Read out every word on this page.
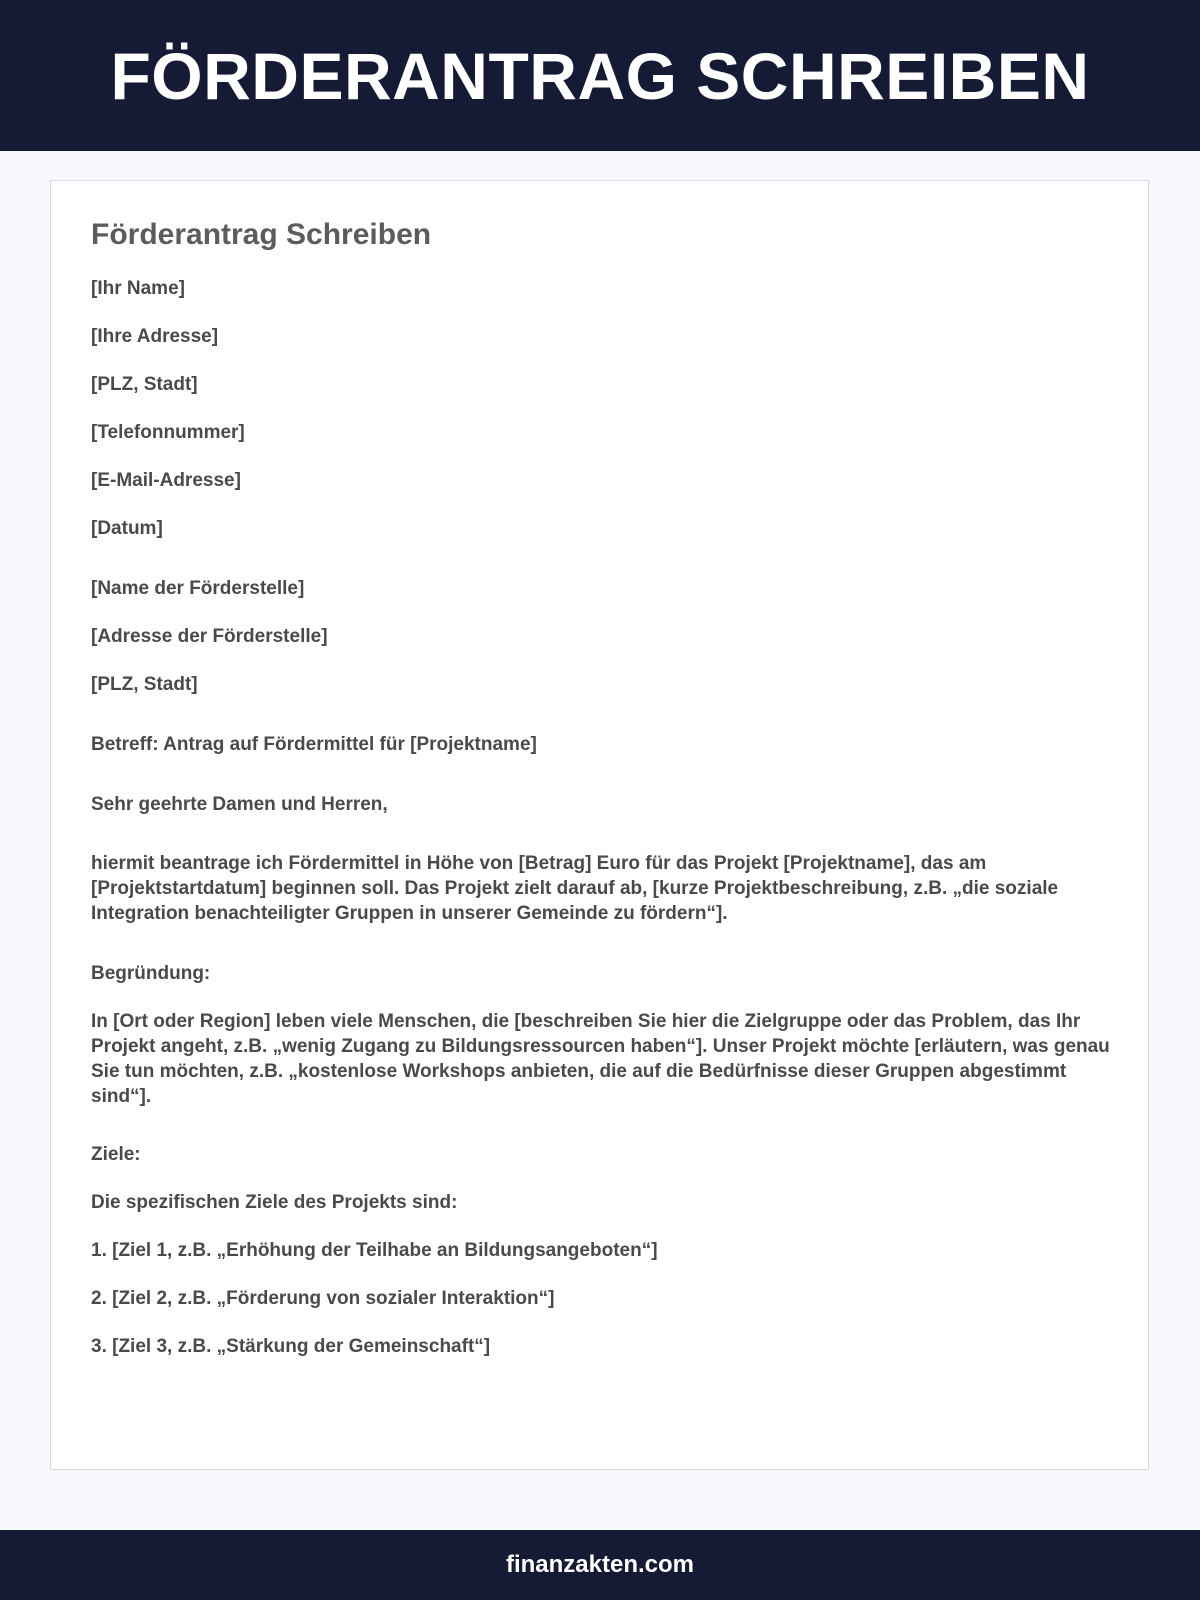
FÖRDERANTRAG SCHREIBEN
Förderantrag Schreiben
[Ihr Name]
[Ihre Adresse]
[PLZ, Stadt]
[Telefonnummer]
[E-Mail-Adresse]
[Datum]
[Name der Förderstelle]
[Adresse der Förderstelle]
[PLZ, Stadt]
Betreff: Antrag auf Fördermittel für [Projektname]
Sehr geehrte Damen und Herren,
hiermit beantrage ich Fördermittel in Höhe von [Betrag] Euro für das Projekt [Projektname], das am [Projektstartdatum] beginnen soll. Das Projekt zielt darauf ab, [kurze Projektbeschreibung, z.B. „die soziale Integration benachteiligter Gruppen in unserer Gemeinde zu fördern“].
Begründung:
In [Ort oder Region] leben viele Menschen, die [beschreiben Sie hier die Zielgruppe oder das Problem, das Ihr Projekt angeht, z.B. „wenig Zugang zu Bildungsressourcen haben“]. Unser Projekt möchte [erläutern, was genau Sie tun möchten, z.B. „kostenlose Workshops anbieten, die auf die Bedürfnisse dieser Gruppen abgestimmt sind“].
Ziele:
Die spezifischen Ziele des Projekts sind:
1. [Ziel 1, z.B. „Erhöhung der Teilhabe an Bildungsangeboten“]
2. [Ziel 2, z.B. „Förderung von sozialer Interaktion“]
3. [Ziel 3, z.B. „Stärkung der Gemeinschaft“]
finanzakten.com
